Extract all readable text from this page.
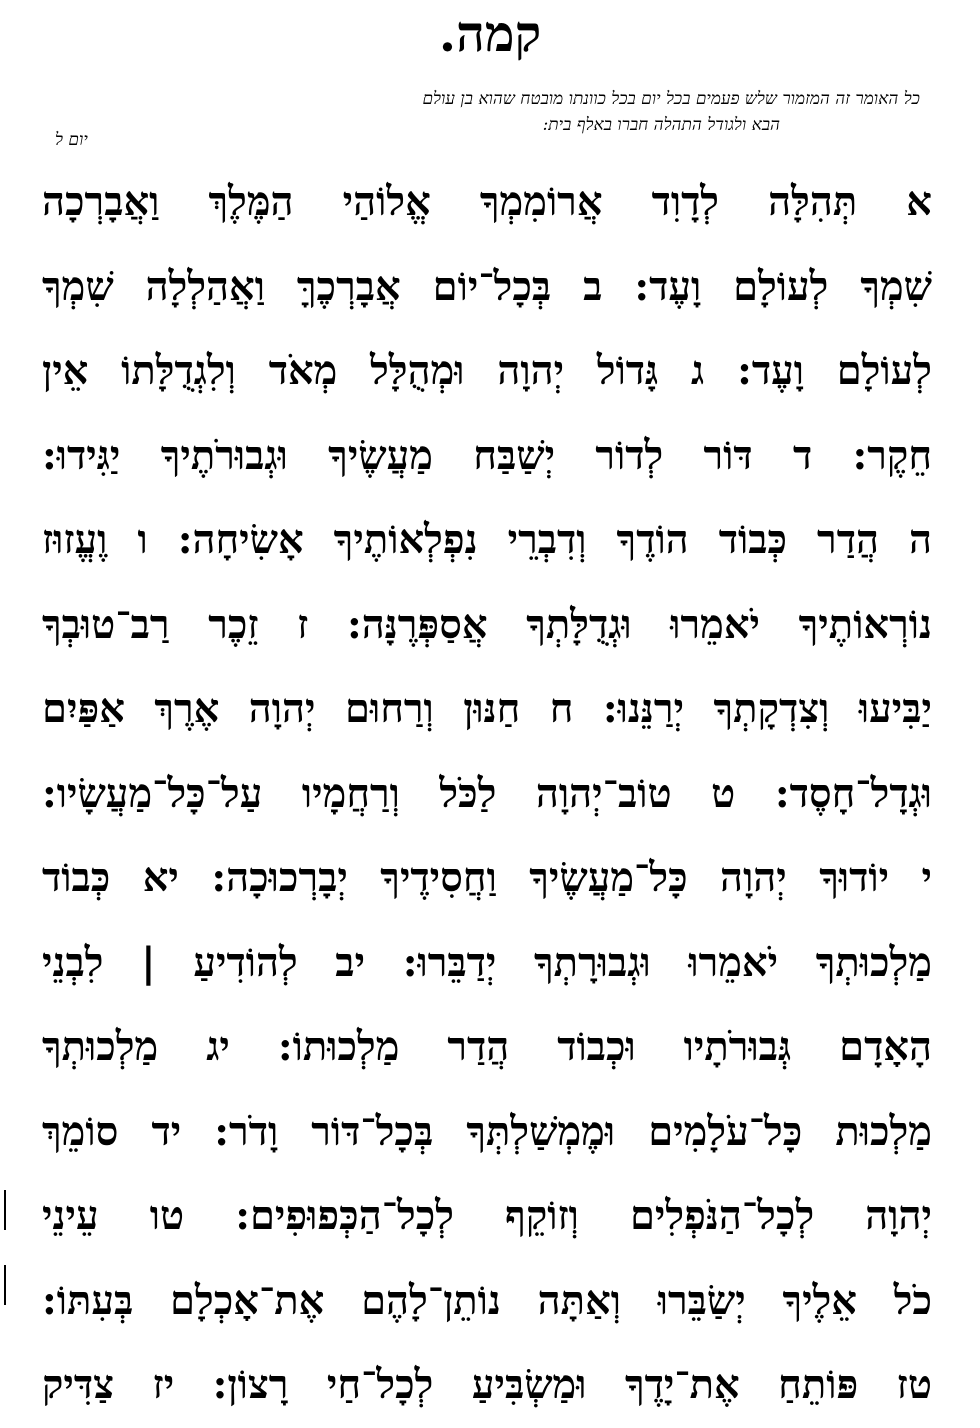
קמה.
כל האומר זה המזמור שלש פעמים בכל יום בכל כוונתו מובטח שהוא בן עולם
הבא ולגודל התהלה חברו באלף בית:
יום ל
א תְּהִלָּה לְדָוִד אֲרוֹמִמְךָ אֱלוֹהַי הַמֶּלֶךְ וַאֲבָרְכָה
שִׁמְךָ לְעוֹלָם וָעֶד: ב בְּכָל־יוֹם אֲבָרְכֶךָּ וַאֲהַלְלָה שִׁמְךָ
לְעוֹלָם וָעֶד: ג גָּדוֹל יְהוָה וּמְהֻלָּל מְאֹד וְלִגְדֻלָּתוֹ אֵין
חֵקֶר: ד דּוֹר לְדוֹר יְשַׁבַּח מַעֲשֶׂיךָ וּגְבוּרֹתֶיךָ יַגִּידוּ:
ה הֲדַר כְּבוֹד הוֹדֶךָ וְדִבְרֵי נִפְלְאוֹתֶיךָ אָשִׂיחָה: ו וֶעֱזוּז
נוֹרְאוֹתֶיךָ יֹאמֵרוּ וּגְדֻלָּתְךָ אֲסַפְּרֶנָּה: ז זֵכֶר רַב־טוּבְךָ
יַבִּיעוּ וְצִדְקָתְךָ יְרַנֵּנוּ: ח חַנּוּן וְרַחוּם יְהוָה אֶרֶךְ אַפַּיִם
וּגְדָל־חָסֶד: ט טוֹב־יְהוָה לַכֹּל וְרַחֲמָיו עַל־כָּל־מַעֲשָׂיו:
י יוֹדוּךָ יְהוָה כָּל־מַעֲשֶׂיךָ וַחֲסִידֶיךָ יְבָרְכוּכָה: יא כְּבוֹד
מַלְכוּתְךָ יֹאמֵרוּ וּגְבוּרָתְךָ יְדַבֵּרוּ: יב לְהוֹדִיעַ | לִבְנֵי
הָאָדָם גְּבוּרֹתָיו וּכְבוֹד הֲדַר מַלְכוּתוֹ: יג מַלְכוּתְךָ
מַלְכוּת כָּל־עֹלָמִים וּמֶמְשַׁלְתְּךָ בְּכָל־דּוֹר וָדֹר: יד סוֹמֵךְ
יְהוָה לְכָל־הַנֹּפְלִים וְזוֹקֵף לְכָל־הַכְּפוּפִים: טו עֵינֵי
כֹל אֵלֶיךָ יְשַׂבֵּרוּ וְאַתָּה נוֹתֵן־לָהֶם אֶת־אָכְלָם בְּעִתּוֹ:
טז פּוֹתֵחַ אֶת־יָדֶךָ וּמַשְׂבִּיעַ לְכָל־חַי רָצוֹן: יז צַדִּיק
